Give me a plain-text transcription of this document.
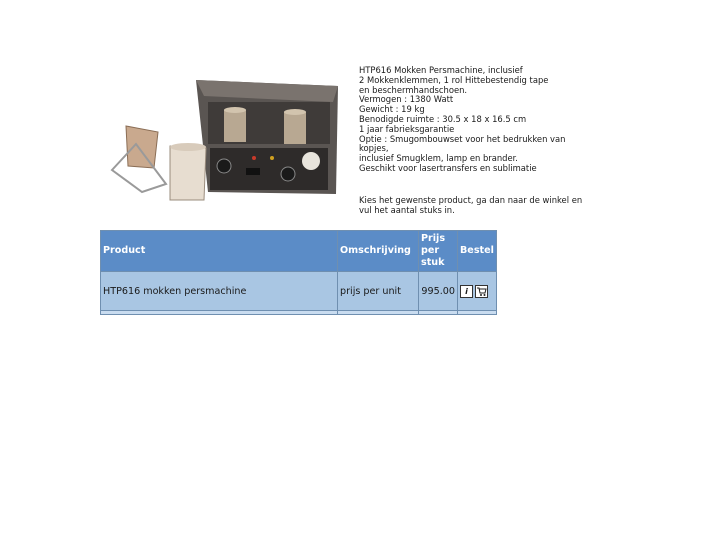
HTP616 Mokken Persmachine, inclusief
2 Mokkenklemmen, 1 rol Hittebestendig tape
en beschermhandschoen.
Vermogen : 1380 Watt
Gewicht : 19 kg
Benodigde ruimte : 30.5 x 18 x 16.5 cm
1 jaar fabrieksgarantie
Optie : Smugombouwset voor het bedrukken van kopjes,
inclusief Smugklem, lamp en brander.
Geschikt voor lasertransfers en sublimatie
Kies het gewenste product, ga dan naar de winkel en vul het aantal stuks in.
Product	Omschrijving	Prijs per stuk	Bestel
HTP616 mokken persmachine	prijs per unit	995.00	i
